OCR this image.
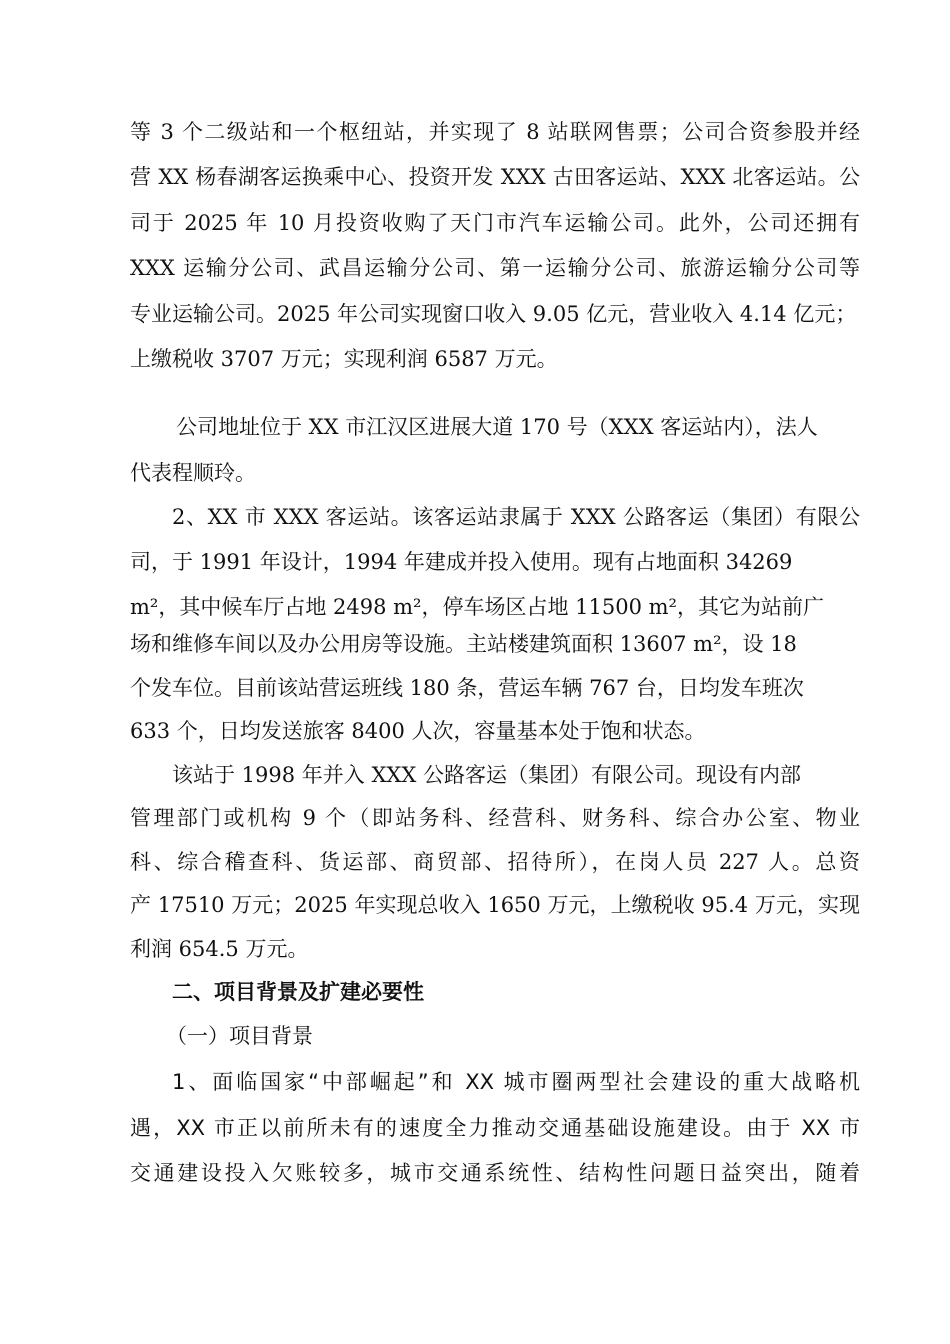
等 3 个二级站和一个枢纽站，并实现了 8 站联网售票；公司合资参股并经
营 XX 杨春湖客运换乘中心、投资开发 XXX 古田客运站、XXX 北客运站。公
司于 2025 年 10 月投资收购了天门市汽车运输公司。此外，公司还拥有
XXX 运输分公司、武昌运输分公司、第一运输分公司、旅游运输分公司等
专业运输公司。2025 年公司实现窗口收入 9.05 亿元，营业收入 4.14 亿元；
上缴税收 3707 万元；实现利润 6587 万元。
公司地址位于 XX 市江汉区进展大道 170 号（XXX 客运站内），法人
代表程顺玲。
2、XX 市 XXX 客运站。该客运站隶属于 XXX 公路客运（集团）有限公
司，于 1991 年设计，1994 年建成并投入使用。现有占地面积 34269
m²，其中候车厅占地 2498 m²，停车场区占地 11500 m²，其它为站前广
场和维修车间以及办公用房等设施。主站楼建筑面积 13607 m²，设 18
个发车位。目前该站营运班线 180 条，营运车辆 767 台，日均发车班次
633 个，日均发送旅客 8400 人次，容量基本处于饱和状态。
该站于 1998 年并入 XXX 公路客运（集团）有限公司。现设有内部
管理部门或机构 9 个（即站务科、经营科、财务科、综合办公室、物业
科、综合稽查科、货运部、商贸部、招待所），在岗人员 227 人。总资
产 17510 万元；2025 年实现总收入 1650 万元，上缴税收 95.4 万元，实现
利润 654.5 万元。
二、项目背景及扩建必要性
（一）项目背景
1、面临国家“中部崛起”和 XX 城市圈两型社会建设的重大战略机
遇，XX 市正以前所未有的速度全力推动交通基础设施建设。由于 XX 市
交通建设投入欠账较多，城市交通系统性、结构性问题日益突出，随着
